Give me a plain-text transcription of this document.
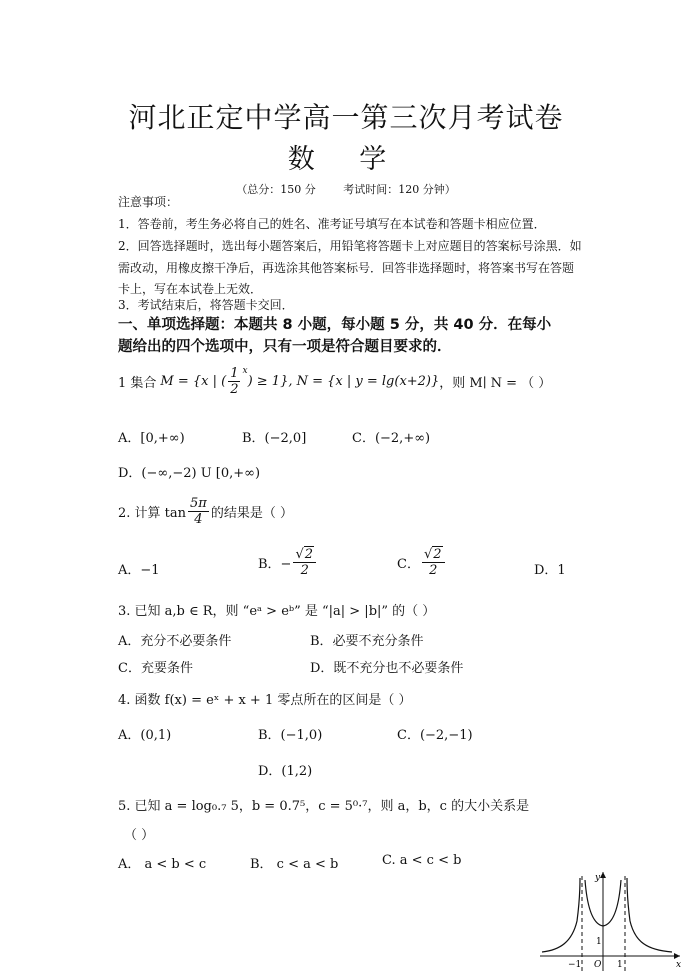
河北正定中学高一第三次月考试卷
数 学
（总分：150 分	考试时间：120 分钟）
注意事项：
1．答卷前，考生务必将自己的姓名、准考证号填写在本试卷和答题卡相应位置．
2．回答选择题时，选出每小题答案后，用铅笔将答题卡上对应题目的答案标号涂黑．如
需改动，用橡皮擦干净后，再选涂其他答案标号．回答非选择题时，将答案书写在答题
卡上，写在本试卷上无效．
3．考试结束后，将答题卡交回．
一、单项选择题：本题共 8 小题，每小题 5 分，共 40 分．在每小
题给出的四个选项中，只有一项是符合题目要求的．
1 集合 M = {x | ( $\frac{1}{2}^x$
) ≥ 1} , N = {x | y = lg(x+2)} ，则 M∣ N = （ ）
A．[0,+∞)	B．(−2,0]	C．(−2,+∞)
D．(−∞,−2) U [0,+∞)
2. 计算 $\tan \frac{5\pi}{4}$ 的结果是（ ）
A．−1	B．− $\frac{√2}{2}$	C． $\frac{√2}{2}$	D．1
3. 已知 a,b ∈ R，则 “eᵃ > eᵇ” 是 “|a| > |b|” 的（ ）
A．充分不必要条件	B．必要不充分条件
C．充要条件	D．既不充分也不必要条件
4. 函数 f(x) = eˣ + x + 1 零点所在的区间是（ ）
A．(0,1)	B．(−1,0)	C．(−2,−1)
D．(1,2)
5. 已知 a = log₀.₇ 5，b = 0.7⁵，c = 5⁰·⁷，则 a，b，c 的大小关系是
（ ）
A． a < b < c	B． c < a < b	C. a < c < b
y
x
O
−1	1
1
